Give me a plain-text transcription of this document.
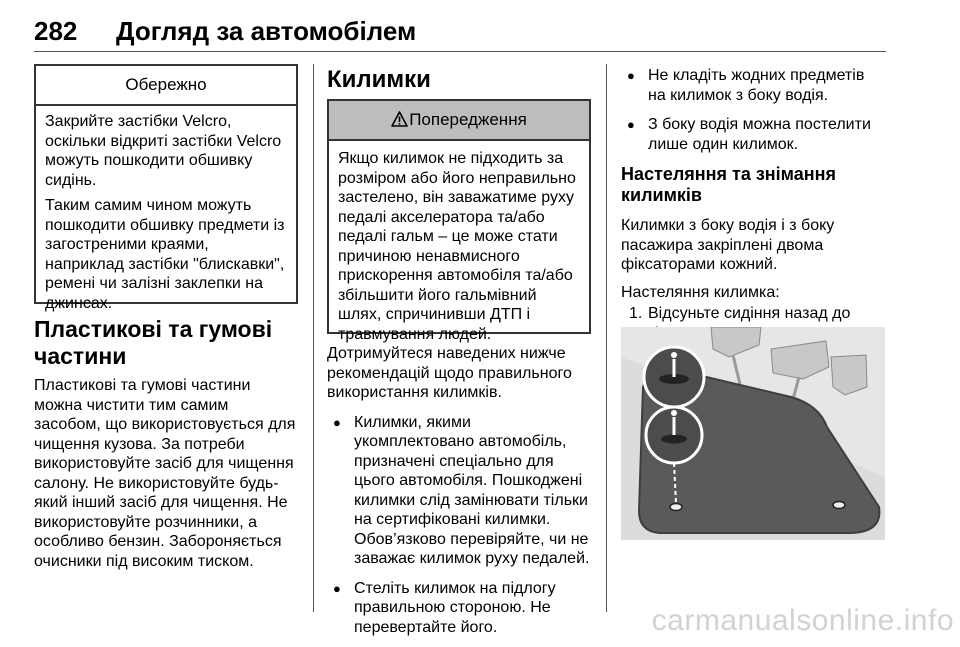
282 Догляд за автомобілем
Обережно

Закрийте застібки Velcro, оскільки відкриті застібки Velcro можуть пошкодити обшивку сидінь.

Таким самим чином можуть пошкодити обшивку предмети із загостреними краями, наприклад застібки "блискавки", ремені чи залізні заклепки на джинсах.

Пластикові та гумові частини

Пластикові та гумові частини можна чистити тим самим засобом, що використовується для чищення кузова. За потреби використовуйте засіб для чищення салону. Не використовуйте будь-який інший засіб для чищення. Не використовуйте розчинники, а особливо бензин. Забороняється очисники під високим тиском.

Килимки
Попередження
Якщо килимок не підходить за розміром або його неправильно застелено, він заважатиме руху педалі акселератора та/або педалі гальм – це може стати причиною ненавмисного прискорення автомобіля та/або збільшити його гальмівний шлях, спричинивши ДТП і травмування людей.

Дотримуйтеся наведених нижче рекомендацій щодо правильного використання килимків.

● Килимки, якими укомплектовано автомобіль, призначені спеціально для цього автомобіля. Пошкоджені килимки слід замінювати тільки на сертифіковані килимки. Обов’язково перевіряйте, чи не заважає килимок руху педалей.
● Стеліть килимок на підлогу правильною стороною. Не перевертайте його.
● Не кладіть жодних предметів на килимок з боку водія.
● З боку водія можна постелити лише один килимок.
Настеляння та знімання килимків

Килимки з боку водія і з боку пасажира закріплені двома фіксаторами кожний.

Настеляння килимка:

1. Відсуньте сидіння назад до
carmanualsonline.info
